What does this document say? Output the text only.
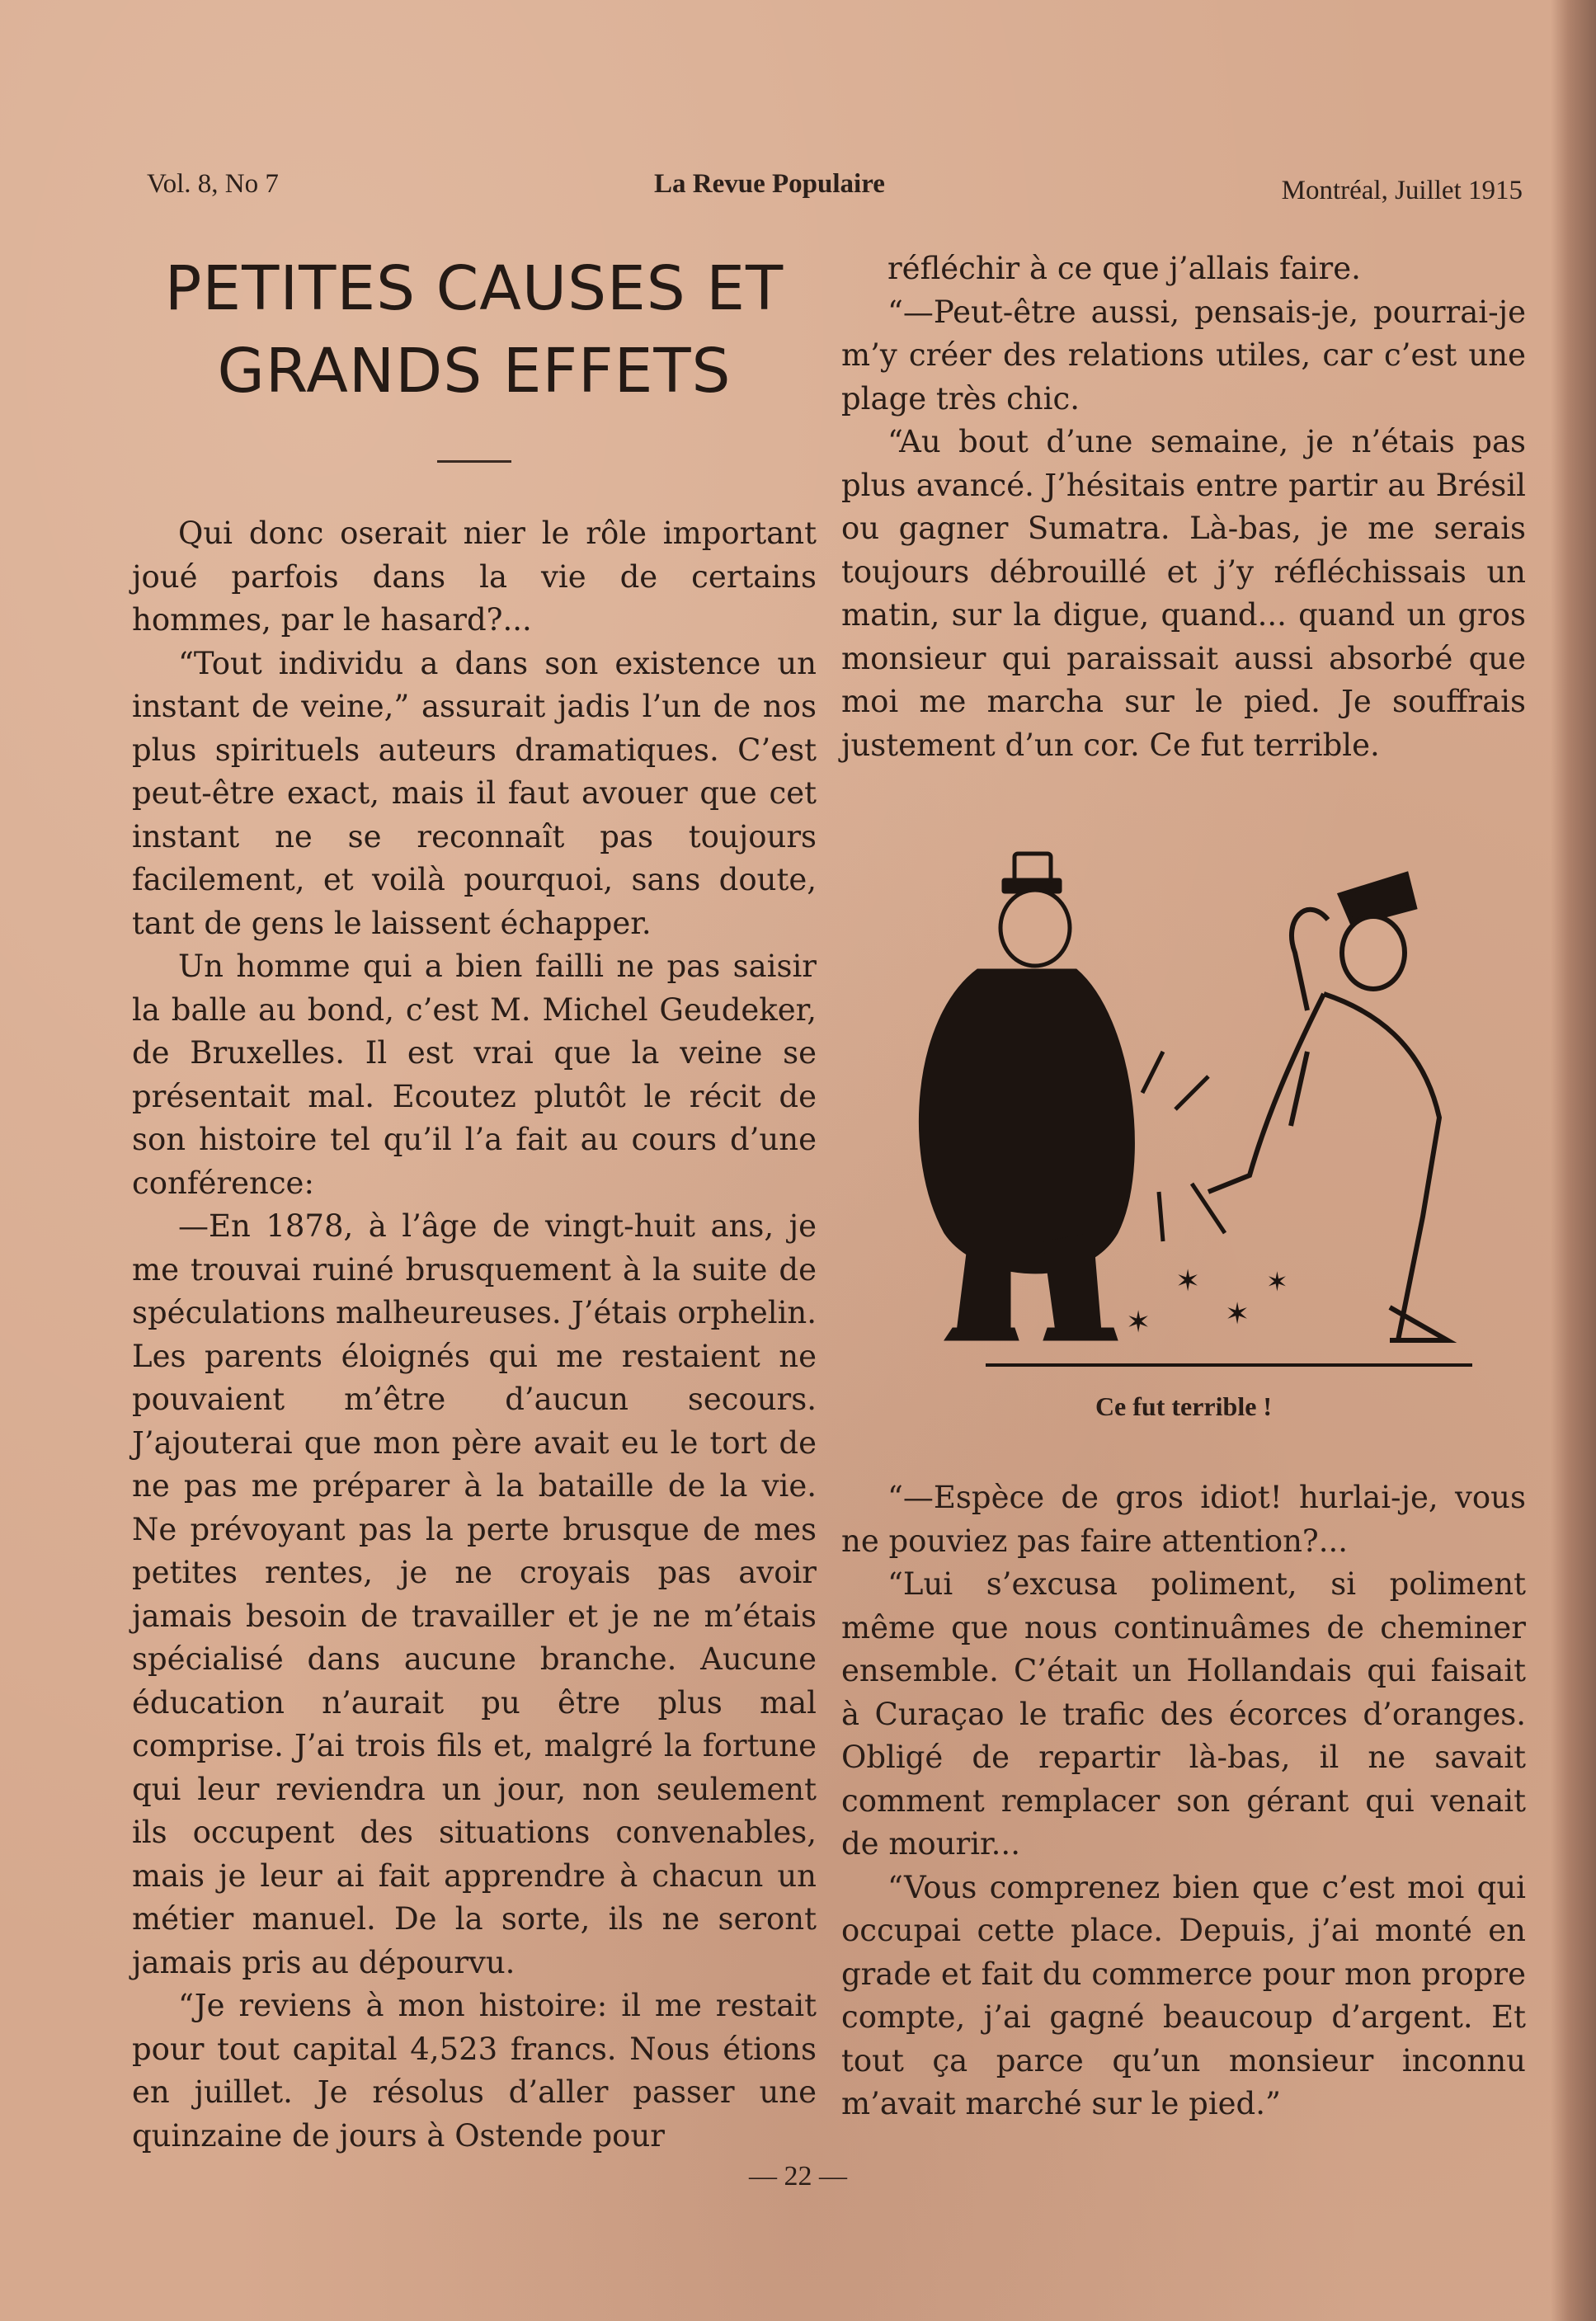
Vol. 8, No 7	La Revue Populaire	Montréal, Juillet 1915
PETITES CAUSES ET
GRANDS EFFETS

Qui donc oserait nier le rôle important joué parfois dans la vie de certains hommes, par le hasard?...

“Tout individu a dans son existence un instant de veine,” assurait jadis l’un de nos plus spirituels auteurs dramatiques. C’est peut-être exact, mais il faut avouer que cet instant ne se reconnaît pas toujours facilement, et voilà pourquoi, sans doute, tant de gens le laissent échapper.

Un homme qui a bien failli ne pas saisir la balle au bond, c’est M. Michel Geudeker, de Bruxelles. Il est vrai que la veine se présentait mal. Ecoutez plutôt le récit de son histoire tel qu’il l’a fait au cours d’une conférence:

—En 1878, à l’âge de vingt-huit ans, je me trouvai ruiné brusquement à la suite de spéculations malheureuses. J’étais orphelin. Les parents éloignés qui me restaient ne pouvaient m’être d’aucun secours. J’ajouterai que mon père avait eu le tort de ne pas me préparer à la bataille de la vie. Ne prévoyant pas la perte brusque de mes petites rentes, je ne croyais pas avoir jamais besoin de travailler et je ne m’étais spécialisé dans aucune branche. Aucune éducation n’aurait pu être plus mal comprise. J’ai trois fils et, malgré la fortune qui leur reviendra un jour, non seulement ils occupent des situations convenables, mais je leur ai fait apprendre à chacun un métier manuel. De la sorte, ils ne seront jamais pris au dépourvu.

“Je reviens à mon histoire: il me restait pour tout capital 4,523 francs. Nous étions en juillet. Je résolus d’aller passer une quinzaine de jours à Ostende pour

réfléchir à ce que j’allais faire.

“—Peut-être aussi, pensais-je, pourrai-je m’y créer des relations utiles, car c’est une plage très chic.

“Au bout d’une semaine, je n’étais pas plus avancé. J’hésitais entre partir au Brésil ou gagner Sumatra. Là-bas, je me serais toujours débrouillé et j’y réfléchissais un matin, sur la digue, quand... quand un gros monsieur qui paraissait aussi absorbé que moi me marcha sur le pied. Je souffrais justement d’un cor. Ce fut terrible.

✶
✶ ✶
✶
Ce fut terrible !

“—Espèce de gros idiot! hurlai-je, vous ne pouviez pas faire attention?...

“Lui s’excusa poliment, si poliment même que nous continuâmes de cheminer ensemble. C’était un Hollandais qui faisait à Curaçao le trafic des écorces d’oranges. Obligé de repartir là-bas, il ne savait comment remplacer son gérant qui venait de mourir...

“Vous comprenez bien que c’est moi qui occupai cette place. Depuis, j’ai monté en grade et fait du commerce pour mon propre compte, j’ai gagné beaucoup d’argent. Et tout ça parce qu’un monsieur inconnu m’avait marché sur le pied.”

— 22 —
